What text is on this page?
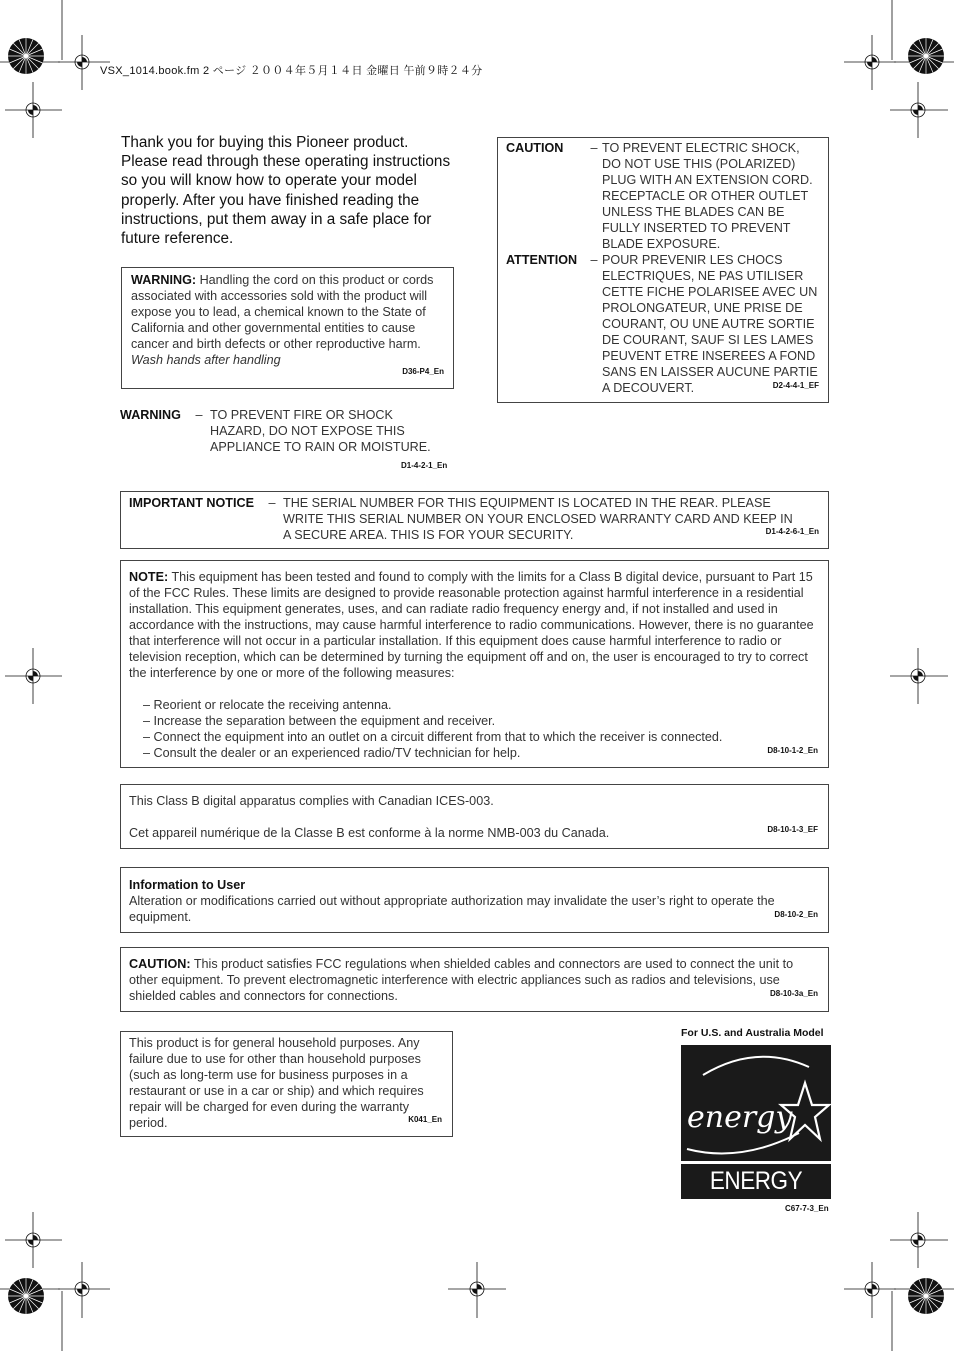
VSX_1014.book.fm 2 ページ ２００４年５月１４日 金曜日 午前９時２４分
Thank you for buying this Pioneer product. Please read through these operating instructions so you will know how to operate your model properly. After you have finished reading the instructions, put them away in a safe place for future reference.
WARNING: Handling the cord on this product or cords associated with accessories sold with the product will expose you to lead, a chemical known to the State of California and other governmental entities to cause cancer and birth defects or other reproductive harm.
Wash hands after handling
D36-P4_En
WARNING	– TO PREVENT FIRE OR SHOCK HAZARD, DO NOT EXPOSE THIS APPLIANCE TO RAIN OR MOISTURE.
D1-4-2-1_En
CAUTION	– TO PREVENT ELECTRIC SHOCK, DO NOT USE THIS (POLARIZED) PLUG WITH AN EXTENSION CORD. RECEPTACLE OR OTHER OUTLET UNLESS THE BLADES CAN BE FULLY INSERTED TO PREVENT BLADE EXPOSURE.
ATTENTION	– POUR PREVENIR LES CHOCS ELECTRIQUES, NE PAS UTILISER CETTE FICHE POLARISEE AVEC UN PROLONGATEUR, UNE PRISE DE COURANT, OU UNE AUTRE SORTIE DE COURANT, SAUF SI LES LAMES PEUVENT ETRE INSEREES A FOND SANS EN LAISSER AUCUNE PARTIE A DECOUVERT.	D2-4-4-1_EF
IMPORTANT NOTICE	– THE SERIAL NUMBER FOR THIS EQUIPMENT IS LOCATED IN THE REAR. PLEASE WRITE THIS SERIAL NUMBER ON YOUR ENCLOSED WARRANTY CARD AND KEEP IN A SECURE AREA. THIS IS FOR YOUR SECURITY.	D1-4-2-6-1_En
NOTE: This equipment has been tested and found to comply with the limits for a Class B digital device, pursuant to Part 15 of the FCC Rules. These limits are designed to provide reasonable protection against harmful interference in a residential installation. This equipment generates, uses, and can radiate radio frequency energy and, if not installed and used in accordance with the instructions, may cause harmful interference to radio communications. However, there is no guarantee that interference will not occur in a particular installation. If this equipment does cause harmful interference to radio or television reception, which can be determined by turning the equipment off and on, the user is encouraged to try to correct the interference by one or more of the following measures:
– Reorient or relocate the receiving antenna.
– Increase the separation between the equipment and receiver.
– Connect the equipment into an outlet on a circuit different from that to which the receiver is connected.
– Consult the dealer or an experienced radio/TV technician for help.	D8-10-1-2_En
This Class B digital apparatus complies with Canadian ICES-003.
Cet appareil numérique de la Classe B est conforme à la norme NMB-003 du Canada.	D8-10-1-3_EF
Information to User
Alteration or modifications carried out without appropriate authorization may invalidate the user’s right to operate the equipment.	D8-10-2_En
CAUTION: This product satisfies FCC regulations when shielded cables and connectors are used to connect the unit to other equipment. To prevent electromagnetic interference with electric appliances such as radios and televisions, use shielded cables and connectors for connections.	D8-10-3a_En
This product is for general household purposes. Any failure due to use for other than household purposes (such as long-term use for business purposes in a restaurant or use in a car or ship) and which requires repair will be charged for even during the warranty period.	K041_En
For U.S. and Australia Model
energy
ENERGY STAR C67-7-3_En
